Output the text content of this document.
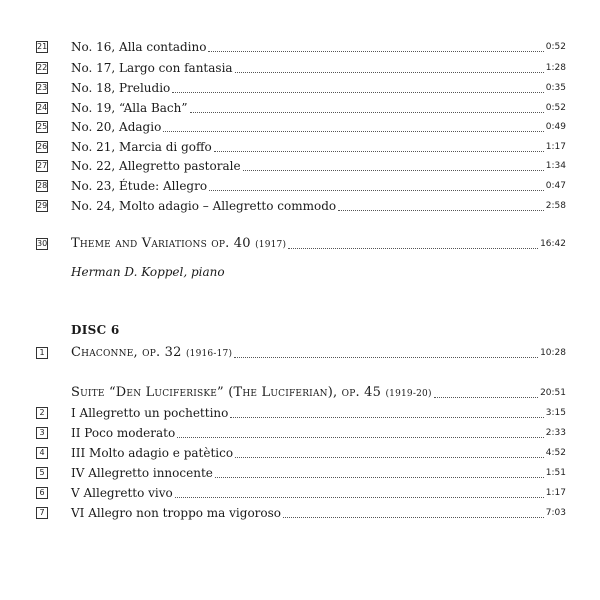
21 No. 16, Alla contadino	0:52
22 No. 17, Largo con fantasia	1:28
23 No. 18, Preludio	0:35
24 No. 19, “Alla Bach”	0:52
25 No. 20, Adagio	0:49
26 No. 21, Marcia di goffo	1:17
27 No. 22, Allegretto pastorale	1:34
28 No. 23, Étude: Allegro	0:47
29 No. 24, Molto adagio – Allegretto commodo	2:58
30 Theme and Variations op. 40 (1917)	16:42
Herman D. Koppel, piano
DISC 6
1 Chaconne, op. 32 (1916-17)	10:28
Suite “Den Luciferiske” (The Luciferian), op. 45 (1919-20)	20:51
2 I Allegretto un pochettino	3:15
3 II Poco moderato	2:33
4 III Molto adagio e patètico	4:52
5 IV Allegretto innocente	1:51
6 V Allegretto vivo	1:17
7 VI Allegro non troppo ma vigoroso	7:03
